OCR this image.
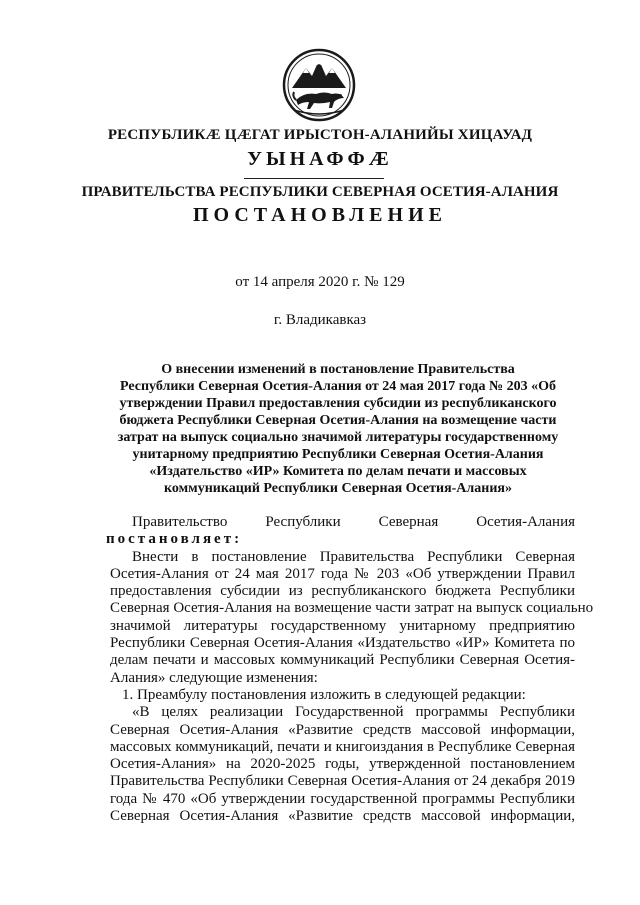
РЕСПУБЛИКÆ ЦÆГАТ ИРЫСТОН-АЛАНИЙЫ ХИЦАУАД
УЫНАФФÆ
ПРАВИТЕЛЬСТВА РЕСПУБЛИКИ СЕВЕРНАЯ ОСЕТИЯ-АЛАНИЯ
ПОСТАНОВЛЕНИЕ
от 14 апреля 2020 г. № 129
г. Владикавказ
О внесении изменений в постановление Правительства
Республики Северная Осетия-Алания от 24 мая 2017 года № 203 «Об
утверждении Правил предоставления субсидии из республиканского
бюджета Республики Северная Осетия-Алания на возмещение части
затрат на выпуск социально значимой литературы государственному
унитарному предприятию Республики Северная Осетия-Алания
«Издательство «ИР» Комитета по делам печати и массовых
коммуникаций Республики Северная Осетия-Алания»
Правительство Республики Северная Осетия-Алания
постановляет:
Внести в постановление Правительства Республики Северная
Осетия-Алания от 24 мая 2017 года № 203 «Об утверждении Правил
предоставления субсидии из республиканского бюджета Республики
Северная Осетия-Алания на возмещение части затрат на выпуск социально
значимой литературы государственному унитарному предприятию
Республики Северная Осетия-Алания «Издательство «ИР» Комитета по
делам печати и массовых коммуникаций Республики Северная Осетия-
Алания» следующие изменения:
1. Преамбулу постановления изложить в следующей редакции:
«В целях реализации Государственной программы Республики
Северная Осетия-Алания «Развитие средств массовой информации,
массовых коммуникаций, печати и книгоиздания в Республике Северная
Осетия-Алания» на 2020-2025 годы, утвержденной постановлением
Правительства Республики Северная Осетия-Алания от 24 декабря 2019
года № 470 «Об утверждении государственной программы Республики
Северная Осетия-Алания «Развитие средств массовой информации,
